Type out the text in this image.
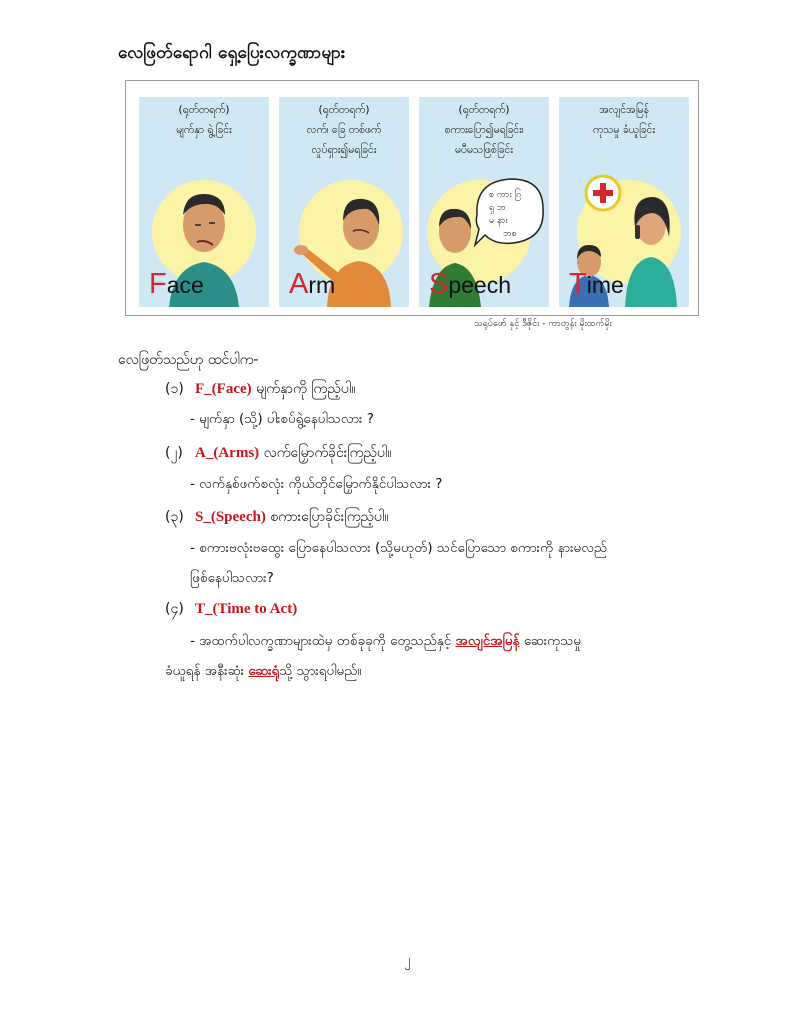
လေဖြတ်ရောဂါ ရှေ့ပြေးလက္ခဏာများ
(ရုတ်တရက်)
မျက်နှာ ရွဲ့ခြင်း
Face
(ရုတ်တရက်)
လက်၊ ခြေ တစ်ဖက်
လှုပ်ရှား၍မရခြင်း
Arm
စ ကား ဂြ
ရှ ဘ
မ နား
ဘစ
(ရုတ်တရက်)
စကားပြော၍မရခြင်း၊
မပီမသဖြစ်ခြင်း
Speech
အလျင်အမြန်
ကုသမှု ခံယူခြင်း
Time
သရုပ်ဖော် နှင့် ဒီဇိုင်း - ကာတွန်း မိုးထက်မိုး
လေဖြတ်သည်ဟု ထင်ပါက-
(၁) F_(Face) မျက်နှာကို ကြည့်ပါ။
- မျက်နှာ (သို့) ပါးစပ်ရွဲ့နေပါသလား ?
(၂) A_(Arms) လက်မြှောက်ခိုင်းကြည့်ပါ။
- လက်နှစ်ဖက်စလုံး ကိုယ်တိုင်မြှောက်နိုင်ပါသလား ?
(၃) S_(Speech) စကားပြောခိုင်းကြည့်ပါ။
- စကားဗလုံးဗထွေး ပြောနေပါသလား (သို့မဟုတ်) သင်ပြောသော စကားကို နားမလည်
ဖြစ်နေပါသလား?
(၄) T_(Time to Act)
- အထက်ပါလက္ခဏာများထဲမှ တစ်ခုခုကို တွေ့သည်နှင့် အလျင်အမြန် ဆေးကုသမှု
ခံယူရန် အနီးဆုံး ဆေးရုံသို့ သွားရပါမည်။
၂
